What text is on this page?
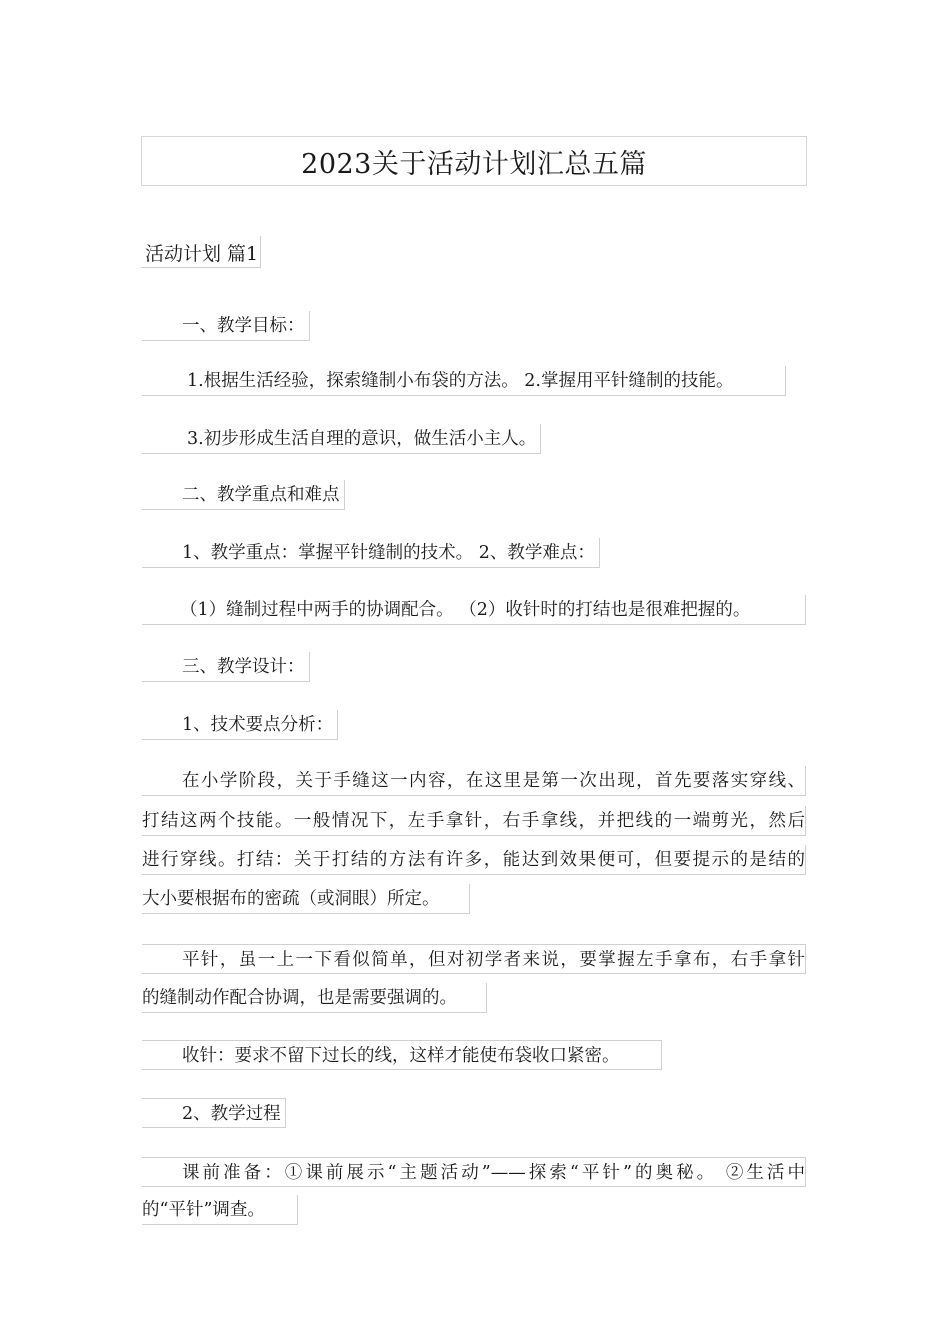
2023关于活动计划汇总五篇
活动计划 篇1
一、教学目标：
1.根据生活经验，探索缝制小布袋的方法。 2.掌握用平针缝制的技能。
3.初步形成生活自理的意识，做生活小主人。
二、教学重点和难点
1、教学重点：掌握平针缝制的技术。 2、教学难点：
（1）缝制过程中两手的协调配合。 （2）收针时的打结也是很难把握的。
三、教学设计：
1、技术要点分析：
在小学阶段，关于手缝这一内容，在这里是第一次出现，首先要落实穿线、
打结这两个技能。一般情况下，左手拿针，右手拿线，并把线的一端剪光，然后
进行穿线。打结：关于打结的方法有许多，能达到效果便可，但要提示的是结的
大小要根据布的密疏（或洞眼）所定。
平针，虽一上一下看似简单，但对初学者来说，要掌握左手拿布，右手拿针
的缝制动作配合协调，也是需要强调的。
收针：要求不留下过长的线，这样才能使布袋收口紧密。
2、教学过程
课前准备：①课前展示“主题活动”——探索“平针”的奥秘。 ②生活中
的“平针”调查。
